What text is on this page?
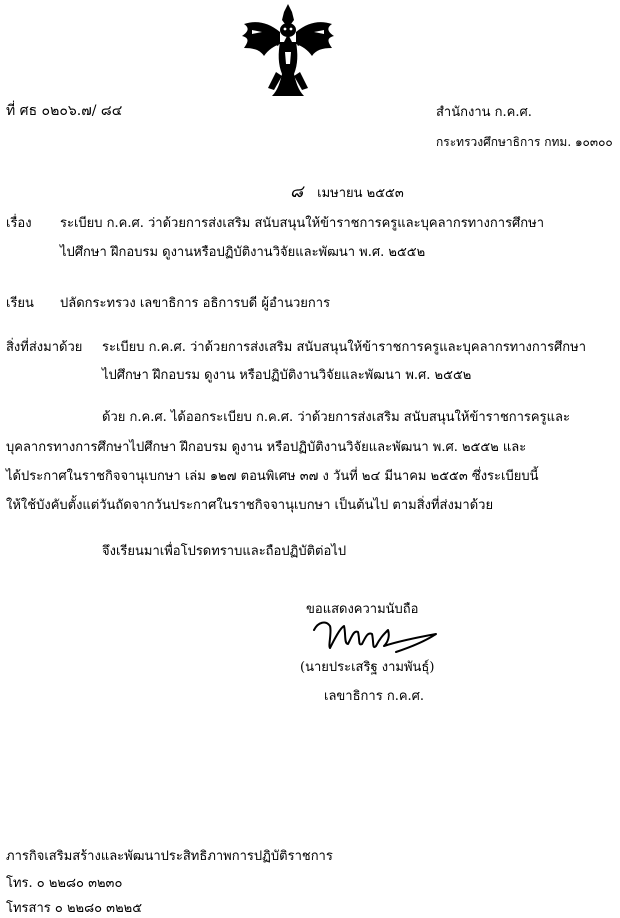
ที่ ศธ ๐๒๐๖.๗/ ๘๔	สำนักงาน ก.ค.ศ.
กระทรวงศึกษาธิการ กทม. ๑๐๓๐๐
๘ เมษายน ๒๕๕๓
เรื่อง ระเบียบ ก.ค.ศ. ว่าด้วยการส่งเสริม สนับสนุนให้ข้าราชการครูและบุคลากรทางการศึกษา
ไปศึกษา ฝึกอบรม ดูงานหรือปฏิบัติงานวิจัยและพัฒนา พ.ศ. ๒๕๕๒
เรียน ปลัดกระทรวง เลขาธิการ อธิการบดี ผู้อำนวยการ
สิ่งที่ส่งมาด้วย ระเบียบ ก.ค.ศ. ว่าด้วยการส่งเสริม สนับสนุนให้ข้าราชการครูและบุคลากรทางการศึกษา
ไปศึกษา ฝึกอบรม ดูงาน หรือปฏิบัติงานวิจัยและพัฒนา พ.ศ. ๒๕๕๒
ด้วย ก.ค.ศ. ได้ออกระเบียบ ก.ค.ศ. ว่าด้วยการส่งเสริม สนับสนุนให้ข้าราชการครูและ
บุคลากรทางการศึกษาไปศึกษา ฝึกอบรม ดูงาน หรือปฏิบัติงานวิจัยและพัฒนา พ.ศ. ๒๕๕๒ และ
ได้ประกาศในราชกิจจานุเบกษา เล่ม ๑๒๗ ตอนพิเศษ ๓๗ ง วันที่ ๒๔ มีนาคม ๒๕๕๓ ซึ่งระเบียบนี้
ให้ใช้บังคับตั้งแต่วันถัดจากวันประกาศในราชกิจจานุเบกษา เป็นต้นไป ตามสิ่งที่ส่งมาด้วย
จึงเรียนมาเพื่อโปรดทราบและถือปฏิบัติต่อไป
ขอแสดงความนับถือ
(นายประเสริฐ งามพันธุ์)
เลขาธิการ ก.ค.ศ.
ภารกิจเสริมสร้างและพัฒนาประสิทธิภาพการปฏิบัติราชการ
โทร. ๐ ๒๒๘๐ ๓๒๓๐
โทรสาร ๐ ๒๒๘๐ ๓๒๒๕
